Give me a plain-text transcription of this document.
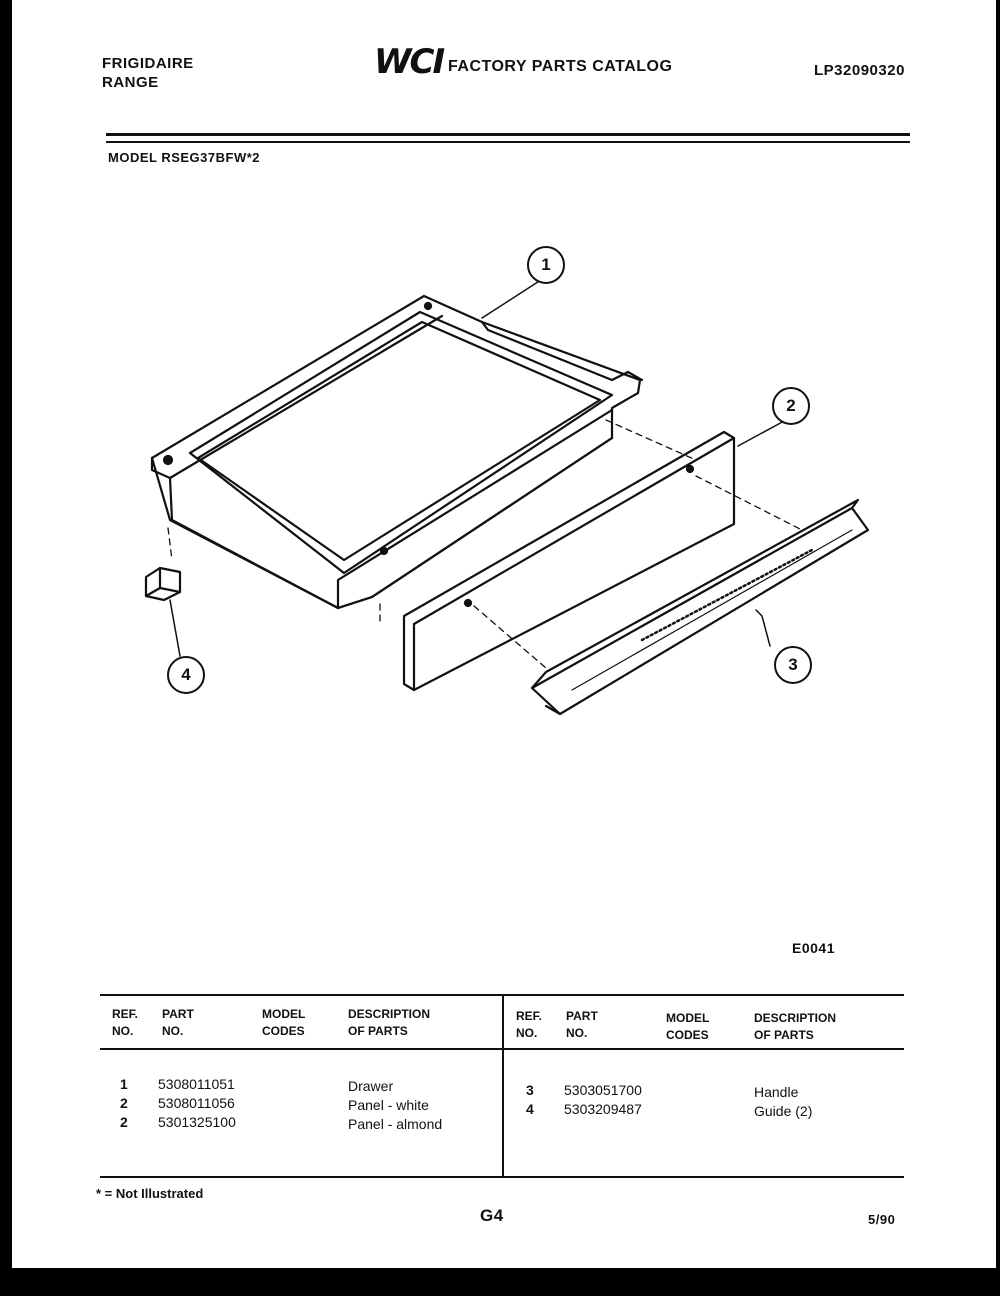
FRIGIDAIRE
RANGE
WCI FACTORY PARTS CATALOG	LP32090320
MODEL RSEG37BFW*2
1
2
3
4
E0041
REF.
NO.
PART
NO.
MODEL
CODES
DESCRIPTION
OF PARTS
REF.
NO.
PART
NO.
MODEL
CODES
DESCRIPTION
OF PARTS
1
2
2
5308011051
5308011056
5301325100
Drawer
Panel - white
Panel - almond
3
4
5303051700
5303209487
Handle
Guide (2)
* = Not Illustrated
G4	5/90
